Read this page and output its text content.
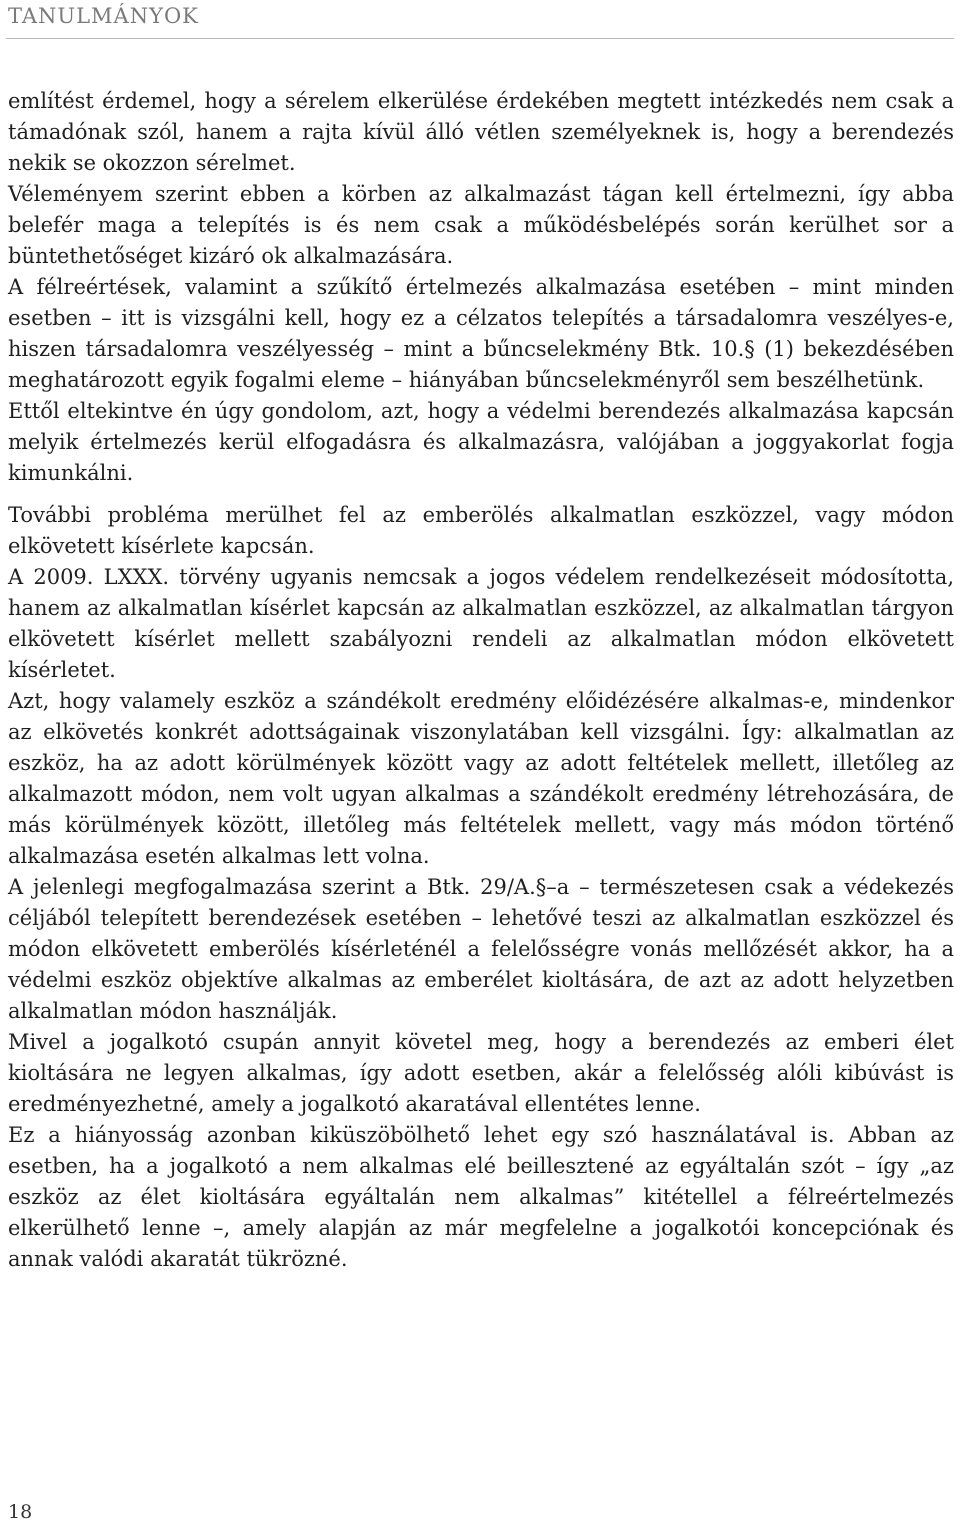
TANULMÁNYOK

említést érdemel, hogy a sérelem elkerülése érdekében megtett intézkedés nem csak a támadónak szól, hanem a rajta kívül álló vétlen személyeknek is, hogy a berendezés nekik se okozzon sérelmet.

Véleményem szerint ebben a körben az alkalmazást tágan kell értelmezni, így abba belefér maga a telepítés is és nem csak a működésbelépés során kerülhet sor a büntethetőséget kizáró ok alkalmazására.

A félreértések, valamint a szűkítő értelmezés alkalmazása esetében – mint minden esetben – itt is vizsgálni kell, hogy ez a célzatos telepítés a társadalomra veszélyes-e, hiszen társadalomra veszélyesség – mint a bűncselekmény Btk. 10.§ (1) bekezdésében meghatározott egyik fogalmi eleme – hiányában bűncselekményről sem beszélhetünk.

Ettől eltekintve én úgy gondolom, azt, hogy a védelmi berendezés alkalmazása kapcsán melyik értelmezés kerül elfogadásra és alkalmazásra, valójában a joggyakorlat fogja kimunkálni.

További probléma merülhet fel az emberölés alkalmatlan eszközzel, vagy módon elkövetett kísérlete kapcsán.

A 2009. LXXX. törvény ugyanis nemcsak a jogos védelem rendelkezéseit módosította, hanem az alkalmatlan kísérlet kapcsán az alkalmatlan eszközzel, az alkalmatlan tárgyon elkövetett kísérlet mellett szabályozni rendeli az alkalmatlan módon elkövetett kísérletet.

Azt, hogy valamely eszköz a szándékolt eredmény előidézésére alkalmas-e, mindenkor az elkövetés konkrét adottságainak viszonylatában kell vizsgálni. Így: alkalmatlan az eszköz, ha az adott körülmények között vagy az adott feltételek mellett, illetőleg az alkalmazott módon, nem volt ugyan alkalmas a szándékolt eredmény létrehozására, de más körülmények között, illetőleg más feltételek mellett, vagy más módon történő alkalmazása esetén alkalmas lett volna.

A jelenlegi megfogalmazása szerint a Btk. 29/A.§–a – természetesen csak a védekezés céljából telepített berendezések esetében – lehetővé teszi az alkalmatlan eszközzel és módon elkövetett emberölés kísérleténél a felelősségre vonás mellőzését akkor, ha a védelmi eszköz objektíve alkalmas az emberélet kioltására, de azt az adott helyzetben alkalmatlan módon használják.

Mivel a jogalkotó csupán annyit követel meg, hogy a berendezés az emberi élet kioltására ne legyen alkalmas, így adott esetben, akár a felelősség alóli kibúvást is eredményezhetné, amely a jogalkotó akaratával ellentétes lenne.

Ez a hiányosság azonban kiküszöbölhető lehet egy szó használatával is. Abban az esetben, ha a jogalkotó a nem alkalmas elé beillesztené az egyáltalán szót – így „az eszköz az élet kioltására egyáltalán nem alkalmas” kitétellel a félreértelmezés elkerülhető lenne –, amely alapján az már megfelelne a jogalkotói koncepciónak és annak valódi akaratát tükrözné.

18
